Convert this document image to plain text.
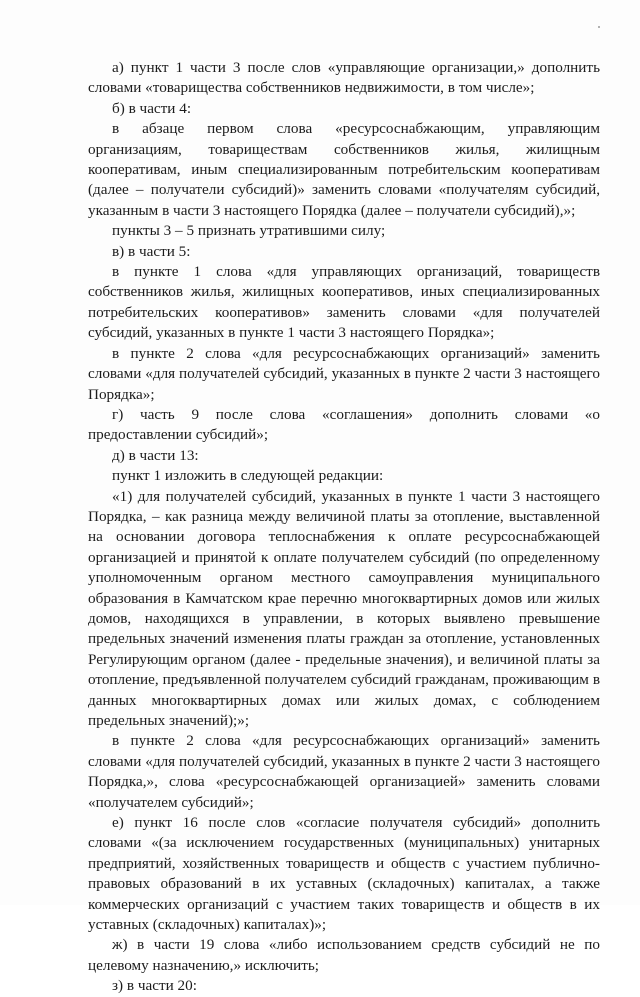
а) пункт 1 части 3 после слов «управляющие организации,» дополнить словами «товарищества собственников недвижимости, в том числе»;

б) в части 4:

в абзаце первом слова «ресурсоснабжающим, управляющим организациям, товариществам собственников жилья, жилищным кооперативам, иным специализированным потребительским кооперативам (далее – получатели субсидий)» заменить словами «получателям субсидий, указанным в части 3 настоящего Порядка (далее – получатели субсидий),»;

пункты 3 – 5 признать утратившими силу;

в) в части 5:

в пункте 1 слова «для управляющих организаций, товариществ собственников жилья, жилищных кооперативов, иных специализированных потребительских кооперативов» заменить словами «для получателей субсидий, указанных в пункте 1 части 3 настоящего Порядка»;

в пункте 2 слова «для ресурсоснабжающих организаций» заменить словами «для получателей субсидий, указанных в пункте 2 части 3 настоящего Порядка»;

г) часть 9 после слова «соглашения» дополнить словами «о предоставлении субсидий»;

д) в части 13:

пункт 1 изложить в следующей редакции:

«1) для получателей субсидий, указанных в пункте 1 части 3 настоящего Порядка, – как разница между величиной платы за отопление, выставленной на основании договора теплоснабжения к оплате ресурсоснабжающей организацией и принятой к оплате получателем субсидий (по определенному уполномоченным органом местного самоуправления муниципального образования в Камчатском крае перечню многоквартирных домов или жилых домов, находящихся в управлении, в которых выявлено превышение предельных значений изменения платы граждан за отопление, установленных Регулирующим органом (далее - предельные значения), и величиной платы за отопление, предъявленной получателем субсидий гражданам, проживающим в данных многоквартирных домах или жилых домах, с соблюдением предельных значений);»;

в пункте 2 слова «для ресурсоснабжающих организаций» заменить словами «для получателей субсидий, указанных в пункте 2 части 3 настоящего Порядка,», слова «ресурсоснабжающей организацией» заменить словами «получателем субсидий»;

е) пункт 16 после слов «согласие получателя субсидий» дополнить словами «(за исключением государственных (муниципальных) унитарных предприятий, хозяйственных товариществ и обществ с участием публично-правовых образований в их уставных (складочных) капиталах, а также коммерческих организаций с участием таких товариществ и обществ в их уставных (складочных) капиталах)»;

ж) в части 19 слова «либо использованием средств субсидий не по целевому назначению,» исключить;

з) в части 20:
